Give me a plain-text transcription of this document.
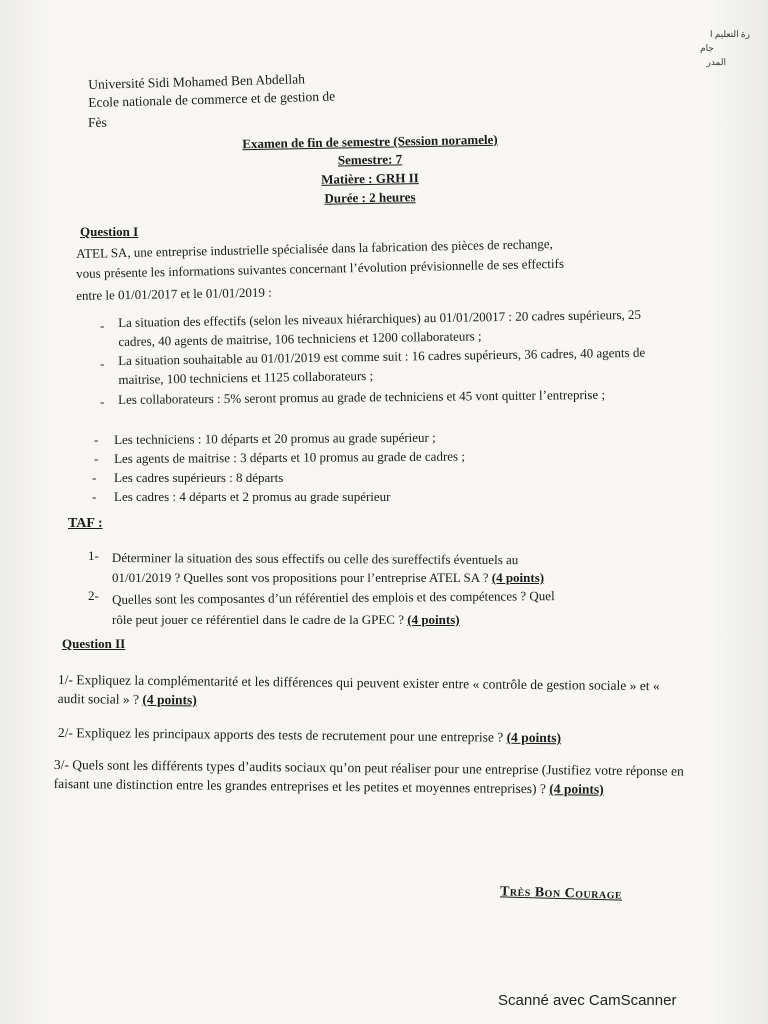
رة التعليم ا
جام
المدر
Université Sidi Mohamed Ben Abdellah
Ecole nationale de commerce et de gestion de
Fès
Examen de fin de semestre (Session noramele)
Semestre: 7
Matière : GRH II
Durée : 2 heures
Question I
ATEL SA, une entreprise industrielle spécialisée dans la fabrication des pièces de rechange,
vous présente les informations suivantes concernant l’évolution prévisionnelle de ses effectifs
entre le 01/01/2017 et le 01/01/2019 :
- La situation des effectifs (selon les niveaux hiérarchiques) au 01/01/20017 : 20 cadres supérieurs, 25 cadres, 40 agents de maitrise, 106 techniciens et 1200 collaborateurs ;
- La situation souhaitable au 01/01/2019 est comme suit : 16 cadres supérieurs, 36 cadres, 40 agents de maitrise, 100 techniciens et 1125 collaborateurs ;
- Les collaborateurs : 5% seront promus au grade de techniciens et 45 vont quitter l’entreprise ;
- Les techniciens : 10 départs et 20 promus au grade supérieur ;
- Les agents de maitrise : 3 départs et 10 promus au grade de cadres ;
- Les cadres supérieurs : 8 départs
- Les cadres : 4 départs et 2 promus au grade supérieur
TAF :
1- Déterminer la situation des sous effectifs ou celle des sureffectifs éventuels au
01/01/2019 ? Quelles sont vos propositions pour l’entreprise ATEL SA ? (4 points)
2- Quelles sont les composantes d’un référentiel des emplois et des compétences ? Quel
rôle peut jouer ce référentiel dans le cadre de la GPEC ? (4 points)
Question II
1/- Expliquez la complémentarité et les différences qui peuvent exister entre « contrôle de gestion sociale » et « audit social » ? (4 points)
2/- Expliquez les principaux apports des tests de recrutement pour une entreprise ? (4 points)
3/- Quels sont les différents types d’audits sociaux qu’on peut réaliser pour une entreprise (Justifiez votre réponse en faisant une distinction entre les grandes entreprises et les petites et moyennes entreprises) ? (4 points)
Très Bon Courage
Scanné avec CamScanner
